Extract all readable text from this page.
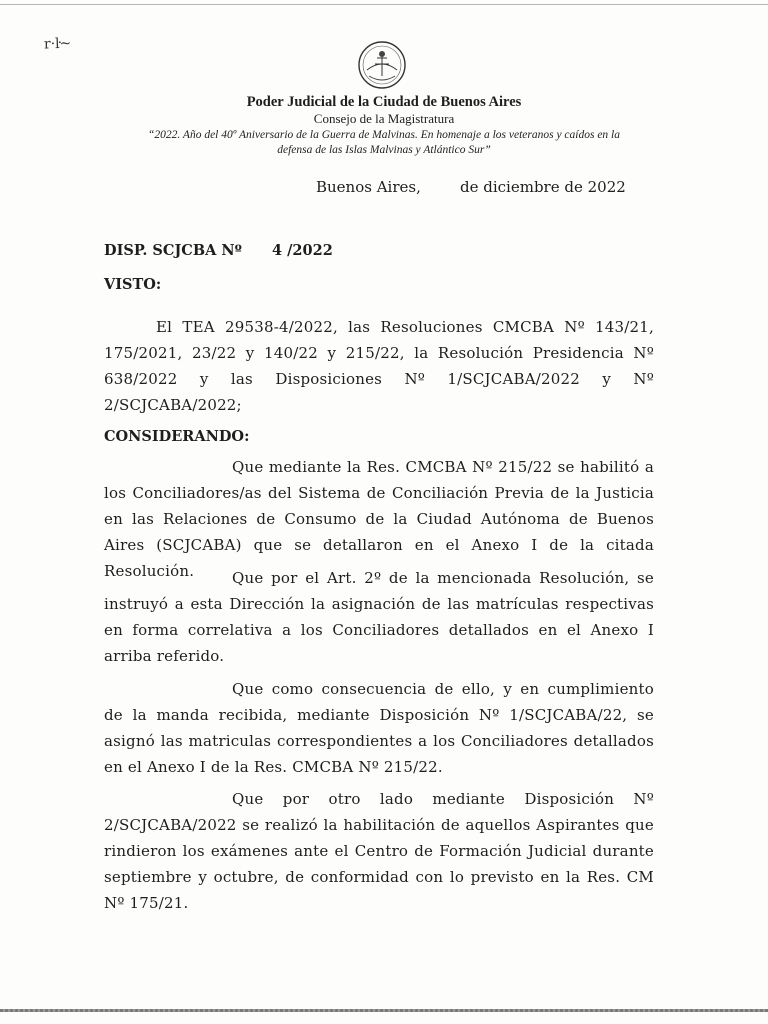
r·ŀ~
Poder Judicial de la Ciudad de Buenos Aires
Consejo de la Magistratura
“2022. Año del 40º Aniversario de la Guerra de Malvinas. En homenaje a los veteranos y caídos en la
defensa de las Islas Malvinas y Atlántico Sur”
Buenos Aires,	de diciembre de 2022
DISP. SCJCBA Nº 4 /2022
VISTO:
El TEA 29538-4/2022, las Resoluciones CMCBA Nº 143/21, 175/2021, 23/22 y 140/22 y 215/22, la Resolución Presidencia Nº 638/2022 y las Disposiciones Nº 1/SCJCABA/2022 y Nº 2/SCJCABA/2022;
CONSIDERANDO:
Que mediante la Res. CMCBA Nº 215/22 se habilitó a los Conciliadores/as del Sistema de Conciliación Previa de la Justicia en las Relaciones de Consumo de la Ciudad Autónoma de Buenos Aires (SCJCABA) que se detallaron en el Anexo I de la citada Resolución.	Que por el Art. 2º de la mencionada Resolución, se instruyó a esta Dirección la asignación de las matrículas respectivas en forma correlativa a los Conciliadores detallados en el Anexo I arriba referido.
Que como consecuencia de ello, y en cumplimiento de la manda recibida, mediante Disposición Nº 1/SCJCABA/22, se asignó las matriculas correspondientes a los Conciliadores detallados en el Anexo I de la Res. CMCBA Nº 215/22.
Que por otro lado mediante Disposición Nº 2/SCJCABA/2022 se realizó la habilitación de aquellos Aspirantes que rindieron los exámenes ante el Centro de Formación Judicial durante septiembre y octubre, de conformidad con lo previsto en la Res. CM Nº 175/21.
